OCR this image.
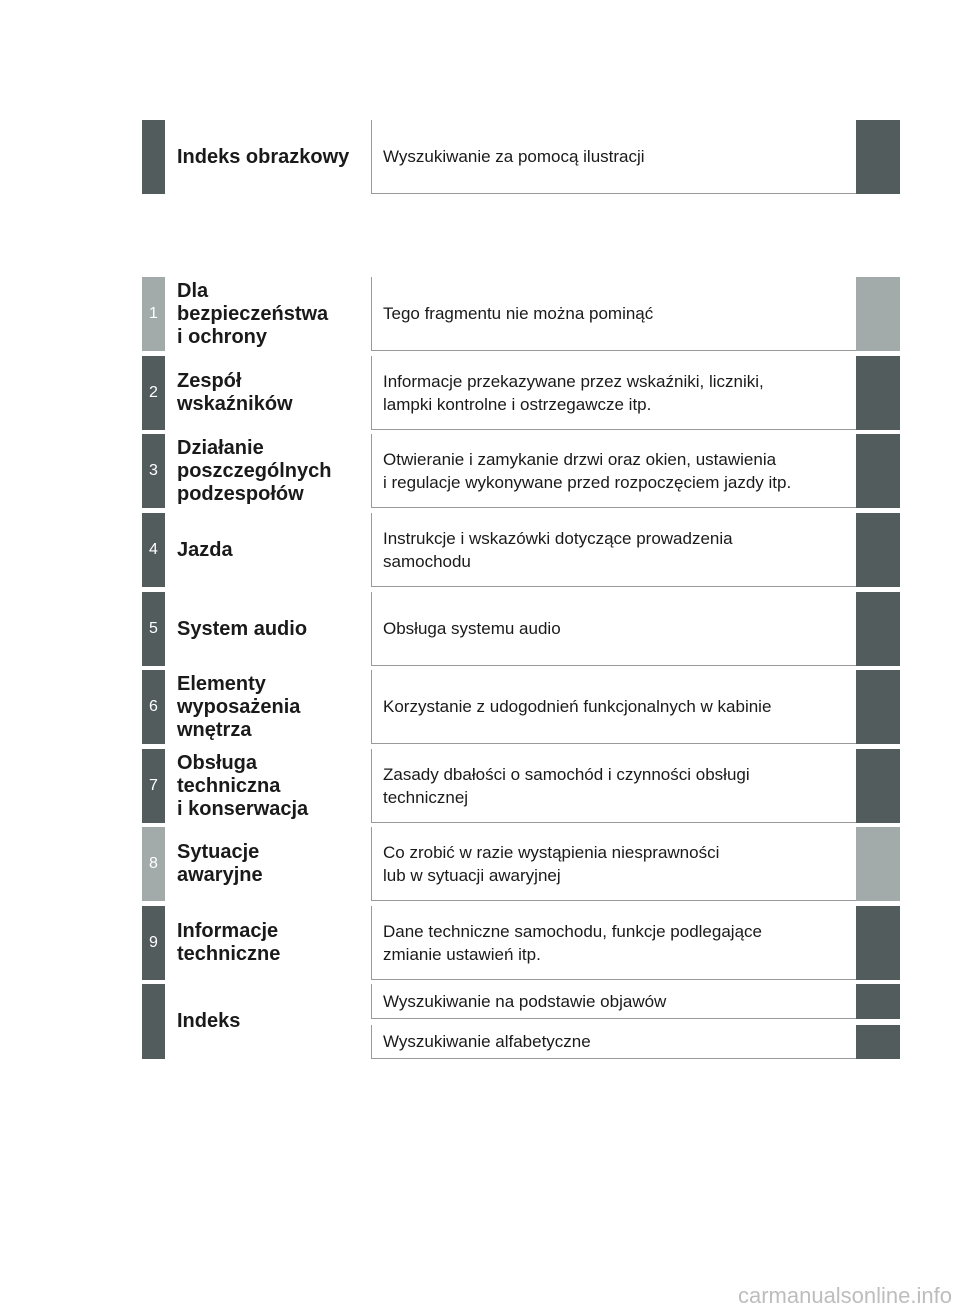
Indeks obrazkowy	Wyszukiwanie za pomocą ilustracji
1
Dla
bezpieczeństwa
i ochrony
Tego fragmentu nie można pominąć
2
Zespół
wskaźników
Informacje przekazywane przez wskaźniki, liczniki,
lampki kontrolne i ostrzegawcze itp.
3
Działanie
poszczególnych
podzespołów
Otwieranie i zamykanie drzwi oraz okien, ustawienia
i regulacje wykonywane przed rozpoczęciem jazdy itp.
4 Jazda
Instrukcje i wskazówki dotyczące prowadzenia
samochodu
5 System audio	Obsługa systemu audio
6
Elementy
wyposażenia
wnętrza
Korzystanie z udogodnień funkcjonalnych w kabinie
7
Obsługa
techniczna
i konserwacja
Zasady dbałości o samochód i czynności obsługi
technicznej
8
Sytuacje
awaryjne
Co zrobić w razie wystąpienia niesprawności
lub w sytuacji awaryjnej
9
Informacje
techniczne
Dane techniczne samochodu, funkcje podlegające
zmianie ustawień itp.
Indeks
Wyszukiwanie na podstawie objawów
Wyszukiwanie alfabetyczne
carmanualsonline.info
